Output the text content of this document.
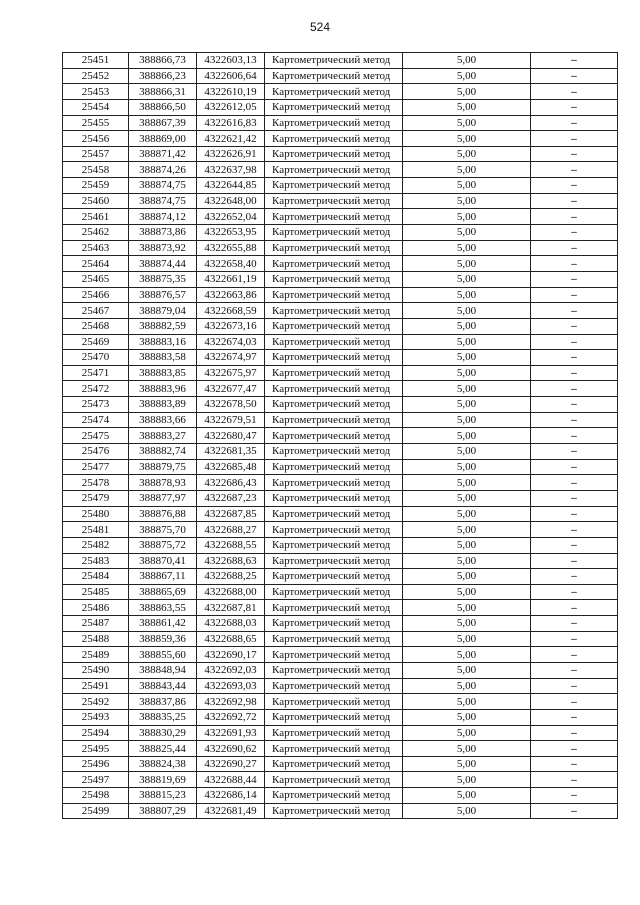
524
25451	388866,73	4322603,13	Картометрический метод	5,00	–
25452	388866,23	4322606,64	Картометрический метод	5,00	–
25453	388866,31	4322610,19	Картометрический метод	5,00	–
25454	388866,50	4322612,05	Картометрический метод	5,00	–
25455	388867,39	4322616,83	Картометрический метод	5,00	–
25456	388869,00	4322621,42	Картометрический метод	5,00	–
25457	388871,42	4322626,91	Картометрический метод	5,00	–
25458	388874,26	4322637,98	Картометрический метод	5,00	–
25459	388874,75	4322644,85	Картометрический метод	5,00	–
25460	388874,75	4322648,00	Картометрический метод	5,00	–
25461	388874,12	4322652,04	Картометрический метод	5,00	–
25462	388873,86	4322653,95	Картометрический метод	5,00	–
25463	388873,92	4322655,88	Картометрический метод	5,00	–
25464	388874,44	4322658,40	Картометрический метод	5,00	–
25465	388875,35	4322661,19	Картометрический метод	5,00	–
25466	388876,57	4322663,86	Картометрический метод	5,00	–
25467	388879,04	4322668,59	Картометрический метод	5,00	–
25468	388882,59	4322673,16	Картометрический метод	5,00	–
25469	388883,16	4322674,03	Картометрический метод	5,00	–
25470	388883,58	4322674,97	Картометрический метод	5,00	–
25471	388883,85	4322675,97	Картометрический метод	5,00	–
25472	388883,96	4322677,47	Картометрический метод	5,00	–
25473	388883,89	4322678,50	Картометрический метод	5,00	–
25474	388883,66	4322679,51	Картометрический метод	5,00	–
25475	388883,27	4322680,47	Картометрический метод	5,00	–
25476	388882,74	4322681,35	Картометрический метод	5,00	–
25477	388879,75	4322685,48	Картометрический метод	5,00	–
25478	388878,93	4322686,43	Картометрический метод	5,00	–
25479	388877,97	4322687,23	Картометрический метод	5,00	–
25480	388876,88	4322687,85	Картометрический метод	5,00	–
25481	388875,70	4322688,27	Картометрический метод	5,00	–
25482	388875,72	4322688,55	Картометрический метод	5,00	–
25483	388870,41	4322688,63	Картометрический метод	5,00	–
25484	388867,11	4322688,25	Картометрический метод	5,00	–
25485	388865,69	4322688,00	Картометрический метод	5,00	–
25486	388863,55	4322687,81	Картометрический метод	5,00	–
25487	388861,42	4322688,03	Картометрический метод	5,00	–
25488	388859,36	4322688,65	Картометрический метод	5,00	–
25489	388855,60	4322690,17	Картометрический метод	5,00	–
25490	388848,94	4322692,03	Картометрический метод	5,00	–
25491	388843,44	4322693,03	Картометрический метод	5,00	–
25492	388837,86	4322692,98	Картометрический метод	5,00	–
25493	388835,25	4322692,72	Картометрический метод	5,00	–
25494	388830,29	4322691,93	Картометрический метод	5,00	–
25495	388825,44	4322690,62	Картометрический метод	5,00	–
25496	388824,38	4322690,27	Картометрический метод	5,00	–
25497	388819,69	4322688,44	Картометрический метод	5,00	–
25498	388815,23	4322686,14	Картометрический метод	5,00	–
25499	388807,29	4322681,49	Картометрический метод	5,00	–
